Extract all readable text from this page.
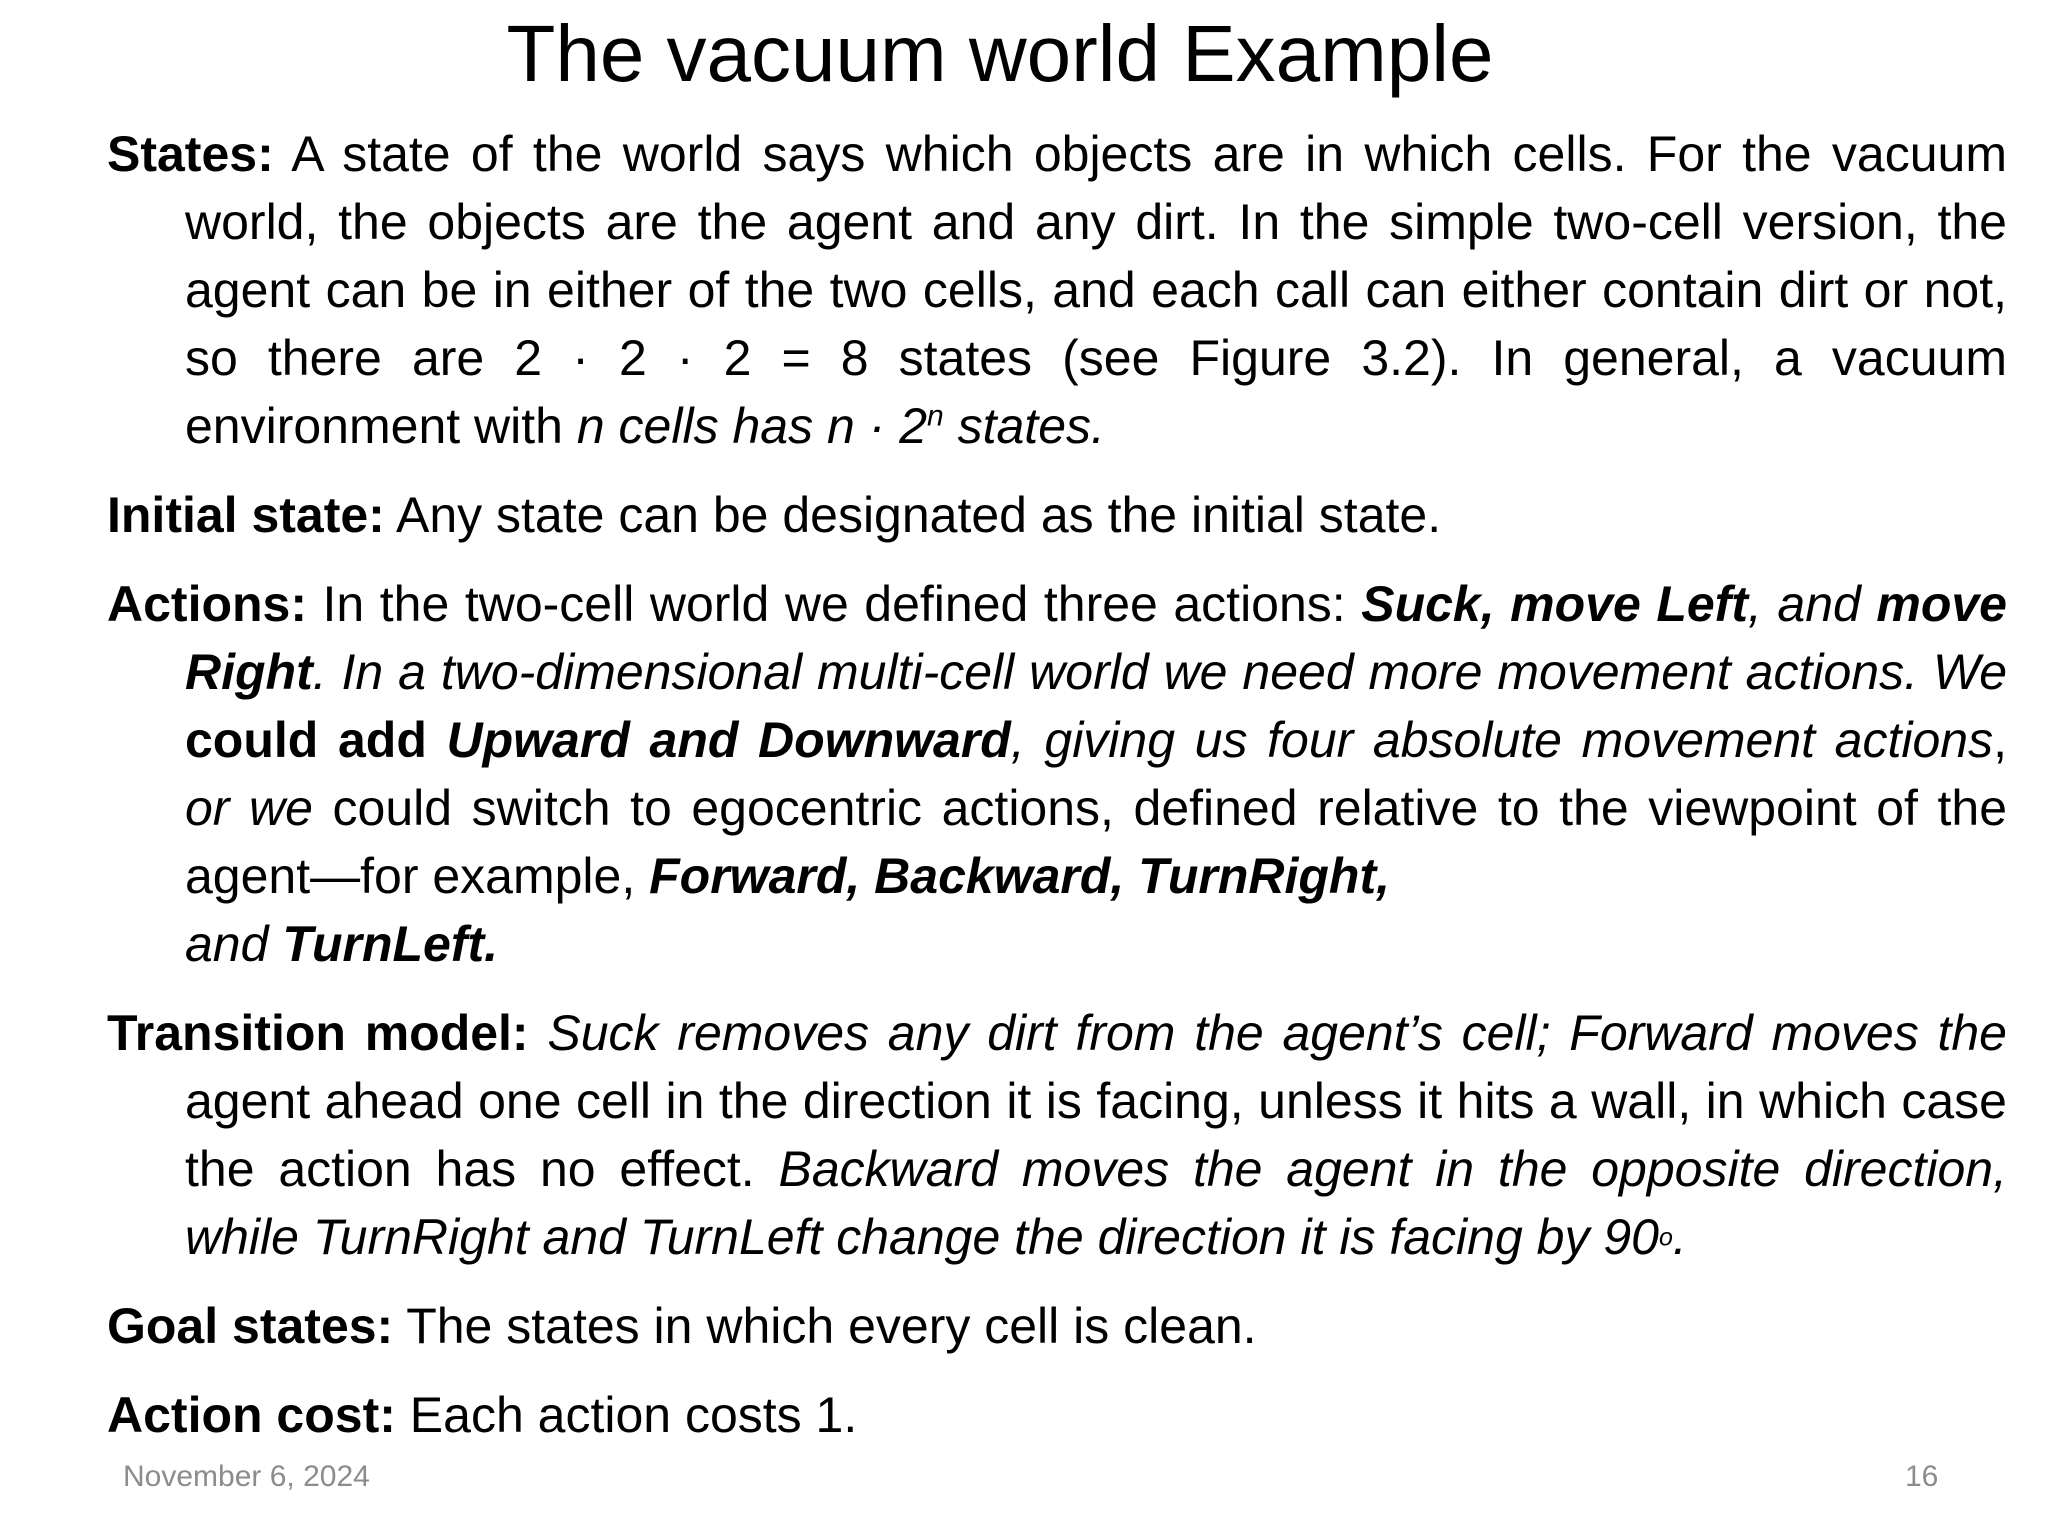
The vacuum world Example

States: A state of the world says which objects are in which cells. For the vacuum world, the objects are the agent and any dirt. In the simple two-cell version, the agent can be in either of the two cells, and each call can either contain dirt or not, so there are 2 · 2 · 2 = 8 states (see Figure 3.2). In general, a vacuum environment with n cells has $n \cdot 2^n$ states.

Initial state: Any state can be designated as the initial state.

Actions: In the two-cell world we defined three actions: Suck, move Left, and move Right. In a two-dimensional multi-cell world we need more movement actions. We could add Upward and Downward, giving us four absolute movement actions, or we could switch to egocentric actions, defined relative to the viewpoint of the agent—for example, Forward, Backward, TurnRight,
and TurnLeft.

Transition model: Suck removes any dirt from the agent’s cell; Forward moves the agent ahead one cell in the direction it is facing, unless it hits a wall, in which case the action has no effect. Backward moves the agent in the opposite direction, while TurnRight and TurnLeft change the direction it is facing by 90o.

Goal states: The states in which every cell is clean.

Action cost: Each action costs 1.

November 6, 2024	16
